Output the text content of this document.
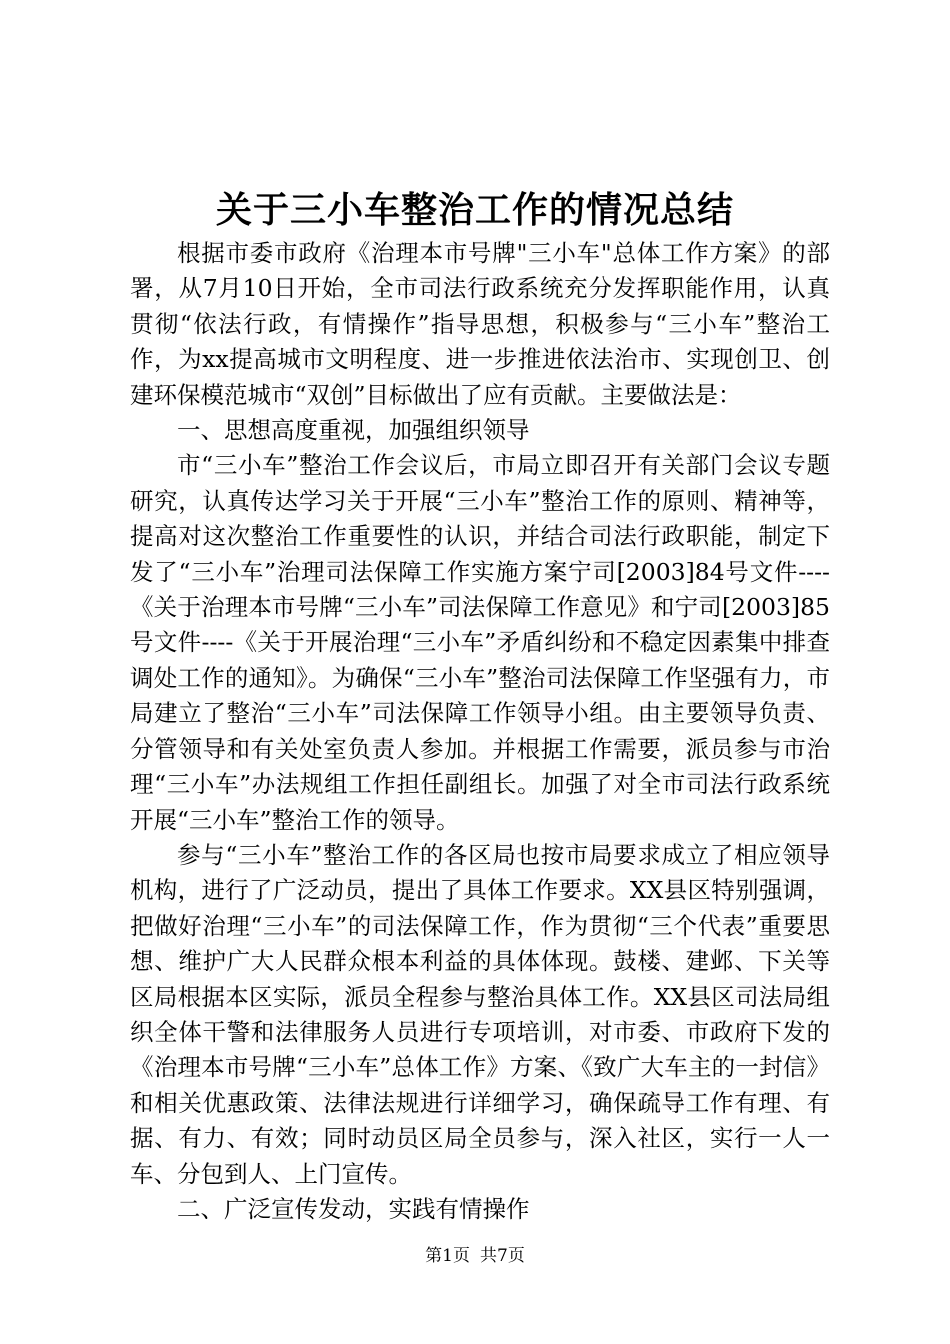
关于三小车整治工作的情况总结

根据市委市政府《治理本市号牌"三小车"总体工作方案》的部署，从7月10日开始，全市司法行政系统充分发挥职能作用，认真贯彻“依法行政，有情操作”指导思想，积极参与“三小车”整治工作，为xx提高城市文明程度、进一步推进依法治市、实现创卫、创建环保模范城市“双创”目标做出了应有贡献。主要做法是：

一、思想高度重视，加强组织领导

市“三小车”整治工作会议后，市局立即召开有关部门会议专题研究，认真传达学习关于开展“三小车”整治工作的原则、精神等，提高对这次整治工作重要性的认识，并结合司法行政职能，制定下发了“三小车”治理司法保障工作实施方案宁司[2003]84号文件----《关于治理本市号牌“三小车”司法保障工作意见》和宁司[2003]85号文件----《关于开展治理“三小车”矛盾纠纷和不稳定因素集中排查调处工作的通知》。为确保“三小车”整治司法保障工作坚强有力，市局建立了整治“三小车”司法保障工作领导小组。由主要领导负责、分管领导和有关处室负责人参加。并根据工作需要，派员参与市治理“三小车”办法规组工作担任副组长。加强了对全市司法行政系统开展“三小车”整治工作的领导。

参与“三小车”整治工作的各区局也按市局要求成立了相应领导机构，进行了广泛动员，提出了具体工作要求。XX县区特别强调，把做好治理“三小车”的司法保障工作，作为贯彻“三个代表”重要思想、维护广大人民群众根本利益的具体体现。鼓楼、建邺、下关等区局根据本区实际，派员全程参与整治具体工作。XX县区司法局组织全体干警和法律服务人员进行专项培训，对市委、市政府下发的《治理本市号牌“三小车”总体工作》方案、《致广大车主的一封信》和相关优惠政策、法律法规进行详细学习，确保疏导工作有理、有据、有力、有效；同时动员区局全员参与，深入社区，实行一人一车、分包到人、上门宣传。

二、广泛宣传发动，实践有情操作

第1页 共7页
